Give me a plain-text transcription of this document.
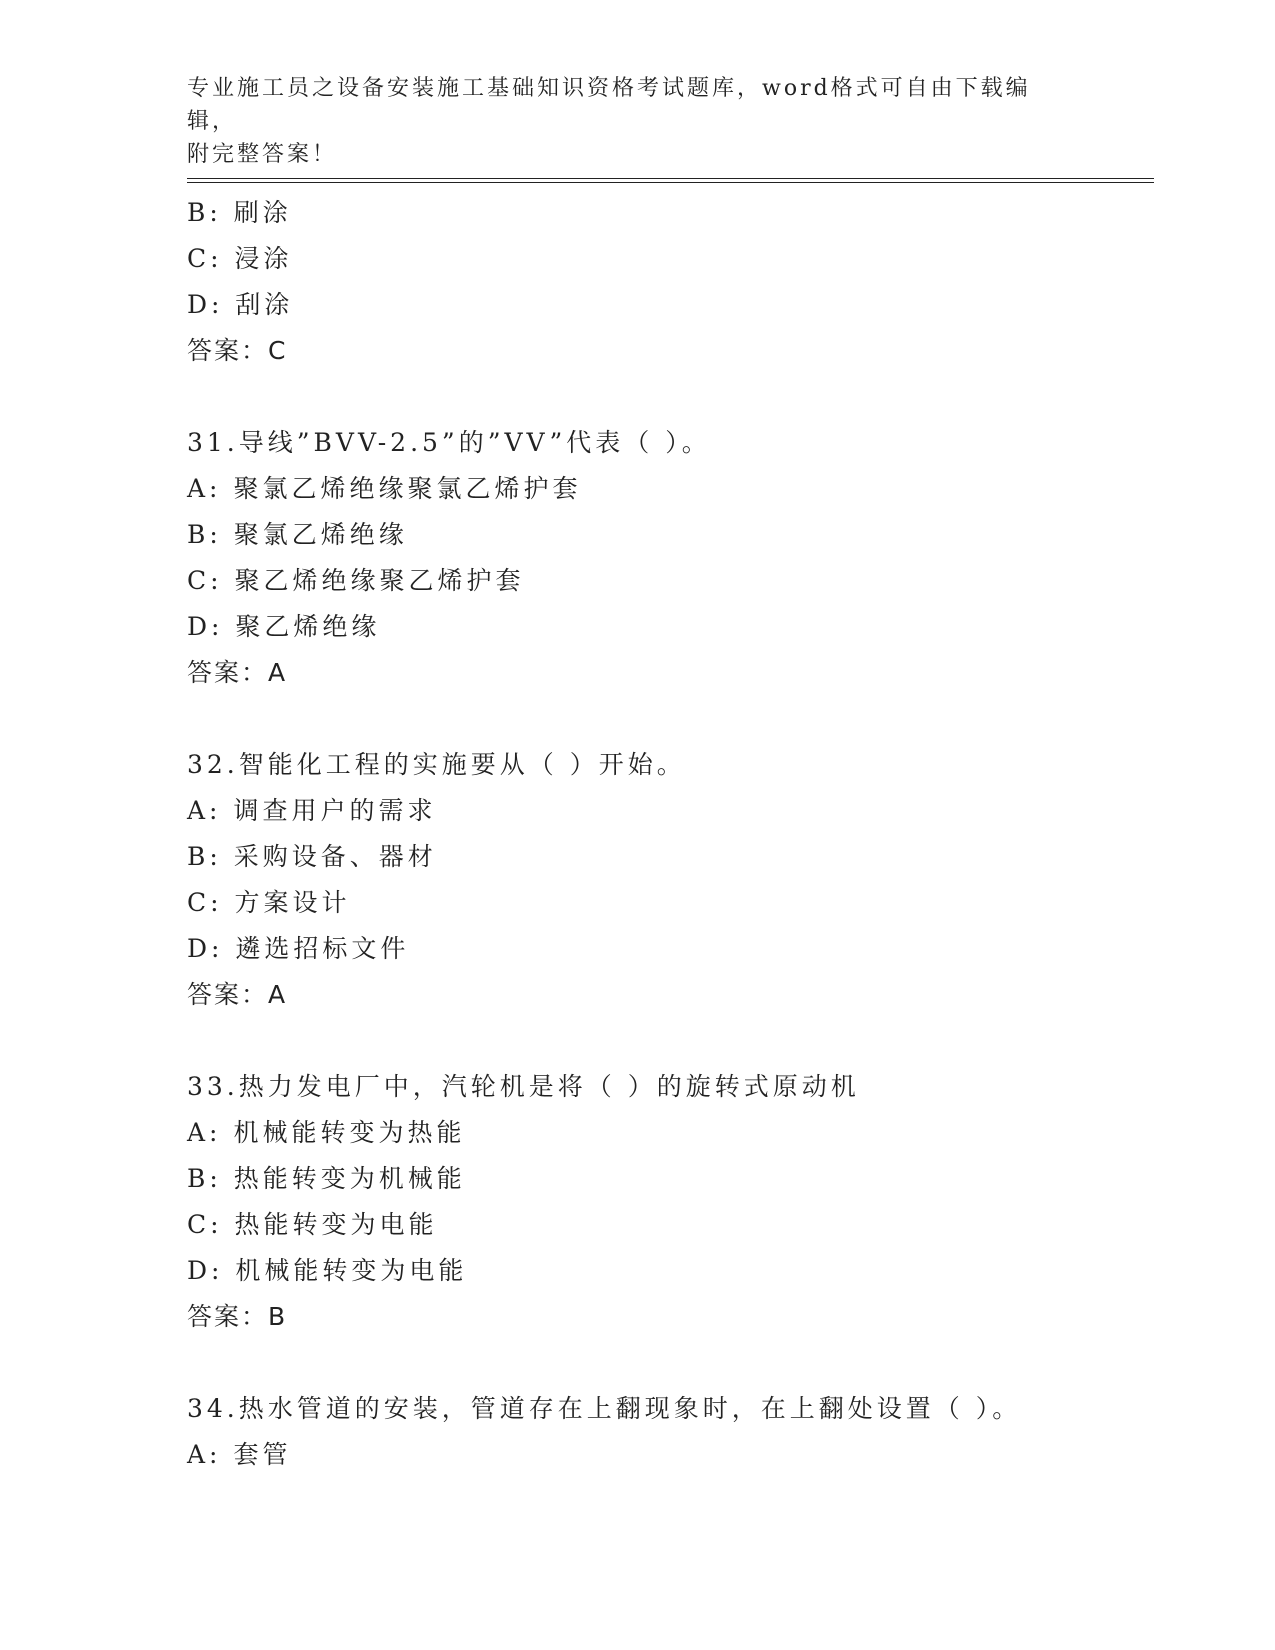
专业施工员之设备安装施工基础知识资格考试题库，word格式可自由下载编辑，
附完整答案！
B: 刷涂
C: 浸涂
D: 刮涂
答案：C
31.导线”BVV-2.5”的”VV”代表（ ）。
A: 聚氯乙烯绝缘聚氯乙烯护套
B: 聚氯乙烯绝缘
C: 聚乙烯绝缘聚乙烯护套
D: 聚乙烯绝缘
答案：A
32.智能化工程的实施要从（ ）开始。
A: 调查用户的需求
B: 采购设备、器材
C: 方案设计
D: 遴选招标文件
答案：A
33.热力发电厂中，汽轮机是将（ ）的旋转式原动机
A: 机械能转变为热能
B: 热能转变为机械能
C: 热能转变为电能
D: 机械能转变为电能
答案：B
34.热水管道的安装，管道存在上翻现象时，在上翻处设置（ ）。
A: 套管
